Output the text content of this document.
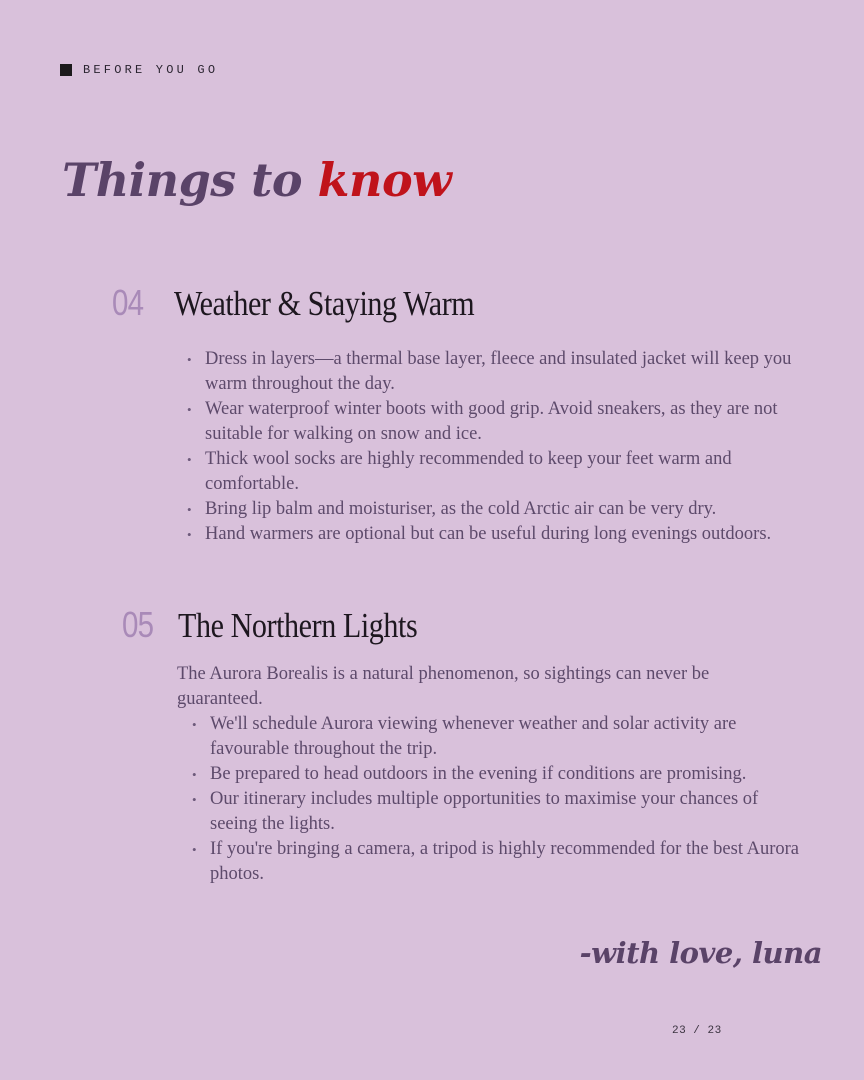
BEFORE YOU GO
Things to know
04 Weather & Staying Warm
• Dress in layers—a thermal base layer, fleece and insulated jacket will keep you warm throughout the day.
• Wear waterproof winter boots with good grip. Avoid sneakers, as they are not suitable for walking on snow and ice.
• Thick wool socks are highly recommended to keep your feet warm and comfortable.
• Bring lip balm and moisturiser, as the cold Arctic air can be very dry.
• Hand warmers are optional but can be useful during long evenings outdoors.
05 The Northern Lights

The Aurora Borealis is a natural phenomenon, so sightings can never be guaranteed.

• We'll schedule Aurora viewing whenever weather and solar activity are favourable throughout the trip.
• Be prepared to head outdoors in the evening if conditions are promising.
• Our itinerary includes multiple opportunities to maximise your chances of seeing the lights.
• If you're bringing a camera, a tripod is highly recommended for the best Aurora photos.
-with love, luna
23 / 23
